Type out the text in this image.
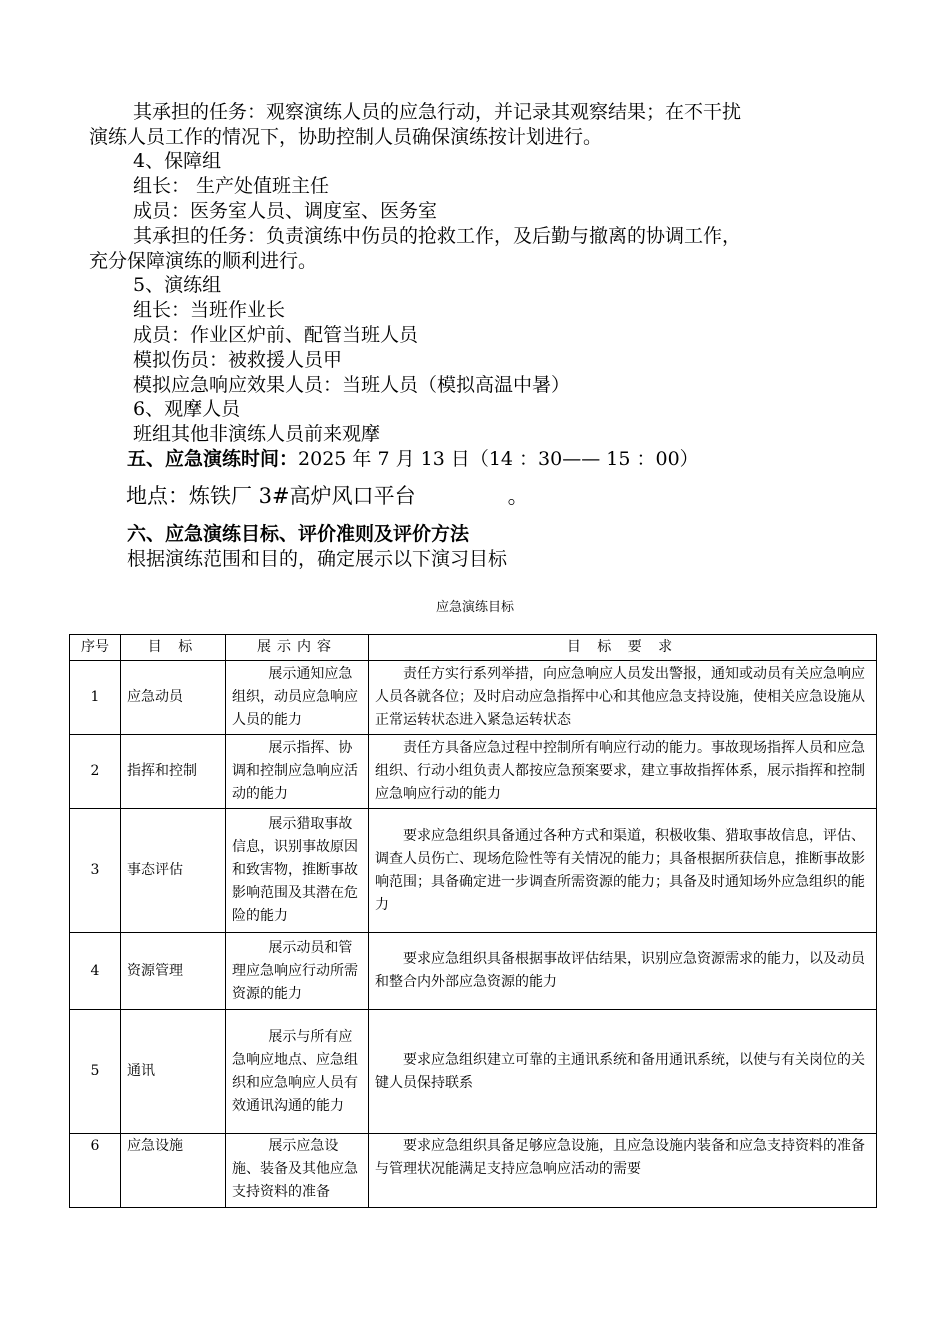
其承担的任务：观察演练人员的应急行动，并记录其观察结果；在不干扰
演练人员工作的情况下，协助控制人员确保演练按计划进行。
4、保障组
组长： 生产处值班主任
成员：医务室人员、调度室、医务室
其承担的任务：负责演练中伤员的抢救工作，及后勤与撤离的协调工作，
充分保障演练的顺利进行。
5、演练组
组长：当班作业长
成员：作业区炉前、配管当班人员
模拟伤员：被救援人员甲
模拟应急响应效果人员：当班人员（模拟高温中暑）
6、观摩人员
班组其他非演练人员前来观摩
五、应急演练时间：2025 年 7 月 13 日（14 ：30—— 15 ：00）
地点：炼铁厂 3#高炉风口平台	。
六、应急演练目标、评价准则及评价方法
根据演练范围和目的，确定展示以下演习目标
应急演练目标
序号	目 标	展示内容	目 标 要 求
1	应急动员	展示通知应急组织，动员应急响应人员的能力	责任方实行系列举措，向应急响应人员发出警报，通知或动员有关应急响应人员各就各位；及时启动应急指挥中心和其他应急支持设施，使相关应急设施从正常运转状态进入紧急运转状态
2	指挥和控制	展示指挥、协调和控制应急响应活动的能力	责任方具备应急过程中控制所有响应行动的能力。事故现场指挥人员和应急组织、行动小组负责人都按应急预案要求，建立事故指挥体系，展示指挥和控制应急响应行动的能力
3	事态评估	展示猎取事故信息，识别事故原因和致害物，推断事故影响范围及其潜在危险的能力	要求应急组织具备通过各种方式和渠道，积极收集、猎取事故信息，评估、调查人员伤亡、现场危险性等有关情况的能力；具备根据所获信息，推断事故影响范围；具备确定进一步调查所需资源的能力；具备及时通知场外应急组织的能力
4	资源管理	展示动员和管理应急响应行动所需资源的能力	要求应急组织具备根据事故评估结果，识别应急资源需求的能力，以及动员和整合内外部应急资源的能力
5	通讯	展示与所有应急响应地点、应急组织和应急响应人员有效通讯沟通的能力	要求应急组织建立可靠的主通讯系统和备用通讯系统，以使与有关岗位的关键人员保持联系
6	应急设施	展示应急设施、装备及其他应急支持资料的准备	要求应急组织具备足够应急设施，且应急设施内装备和应急支持资料的准备与管理状况能满足支持应急响应活动的需要
